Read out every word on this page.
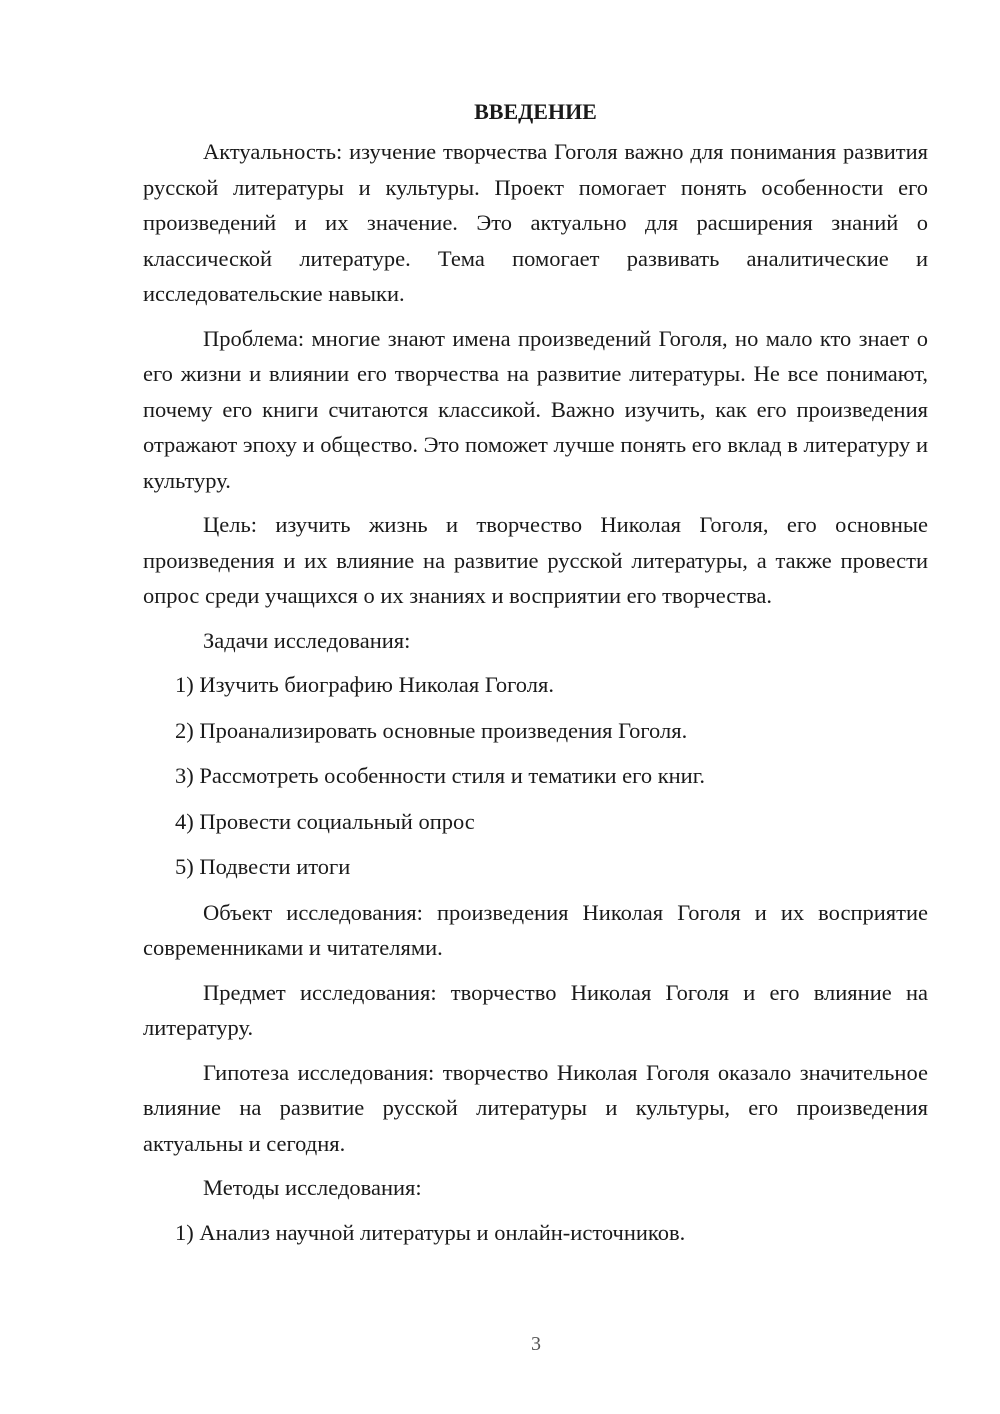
ВВЕДЕНИЕ

Актуальность: изучение творчества Гоголя важно для понимания развития русской литературы и культуры. Проект помогает понять особенности его произведений и их значение. Это актуально для расширения знаний о классической литературе. Тема помогает развивать аналитические и исследовательские навыки.

Проблема: многие знают имена произведений Гоголя, но мало кто знает о его жизни и влиянии его творчества на развитие литературы. Не все понимают, почему его книги считаются классикой. Важно изучить, как его произведения отражают эпоху и общество. Это поможет лучше понять его вклад в литературу и культуру.

Цель: изучить жизнь и творчество Николая Гоголя, его основные произведения и их влияние на развитие русской литературы, а также провести опрос среди учащихся о их знаниях и восприятии его творчества.

Задачи исследования:

1) Изучить биографию Николая Гоголя.
2) Проанализировать основные произведения Гоголя.
3) Рассмотреть особенности стиля и тематики его книг.
4) Провести социальный опрос
5) Подвести итоги

Объект исследования: произведения Николая Гоголя и их восприятие современниками и читателями.

Предмет исследования: творчество Николая Гоголя и его влияние на литературу.

Гипотеза исследования: творчество Николая Гоголя оказало значительное влияние на развитие русской литературы и культуры, его произведения актуальны и сегодня.

Методы исследования:

1) Анализ научной литературы и онлайн-источников.
3
